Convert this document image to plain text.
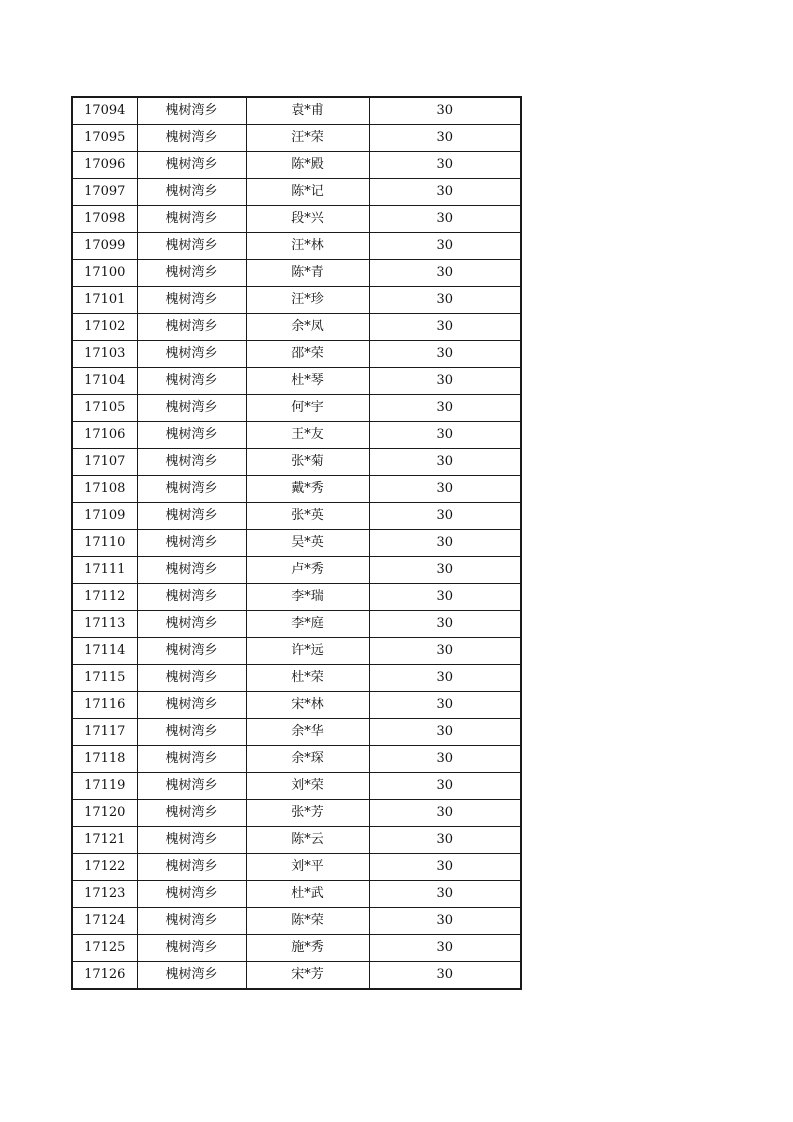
17094	槐树湾乡	袁*甫	30
17095	槐树湾乡	汪*荣	30
17096	槐树湾乡	陈*殿	30
17097	槐树湾乡	陈*记	30
17098	槐树湾乡	段*兴	30
17099	槐树湾乡	汪*林	30
17100	槐树湾乡	陈*青	30
17101	槐树湾乡	汪*珍	30
17102	槐树湾乡	余*凤	30
17103	槐树湾乡	邵*荣	30
17104	槐树湾乡	杜*琴	30
17105	槐树湾乡	何*宇	30
17106	槐树湾乡	王*友	30
17107	槐树湾乡	张*菊	30
17108	槐树湾乡	戴*秀	30
17109	槐树湾乡	张*英	30
17110	槐树湾乡	吴*英	30
17111	槐树湾乡	卢*秀	30
17112	槐树湾乡	李*瑞	30
17113	槐树湾乡	李*庭	30
17114	槐树湾乡	许*远	30
17115	槐树湾乡	杜*荣	30
17116	槐树湾乡	宋*林	30
17117	槐树湾乡	余*华	30
17118	槐树湾乡	余*琛	30
17119	槐树湾乡	刘*荣	30
17120	槐树湾乡	张*芳	30
17121	槐树湾乡	陈*云	30
17122	槐树湾乡	刘*平	30
17123	槐树湾乡	杜*武	30
17124	槐树湾乡	陈*荣	30
17125	槐树湾乡	施*秀	30
17126	槐树湾乡	宋*芳	30
